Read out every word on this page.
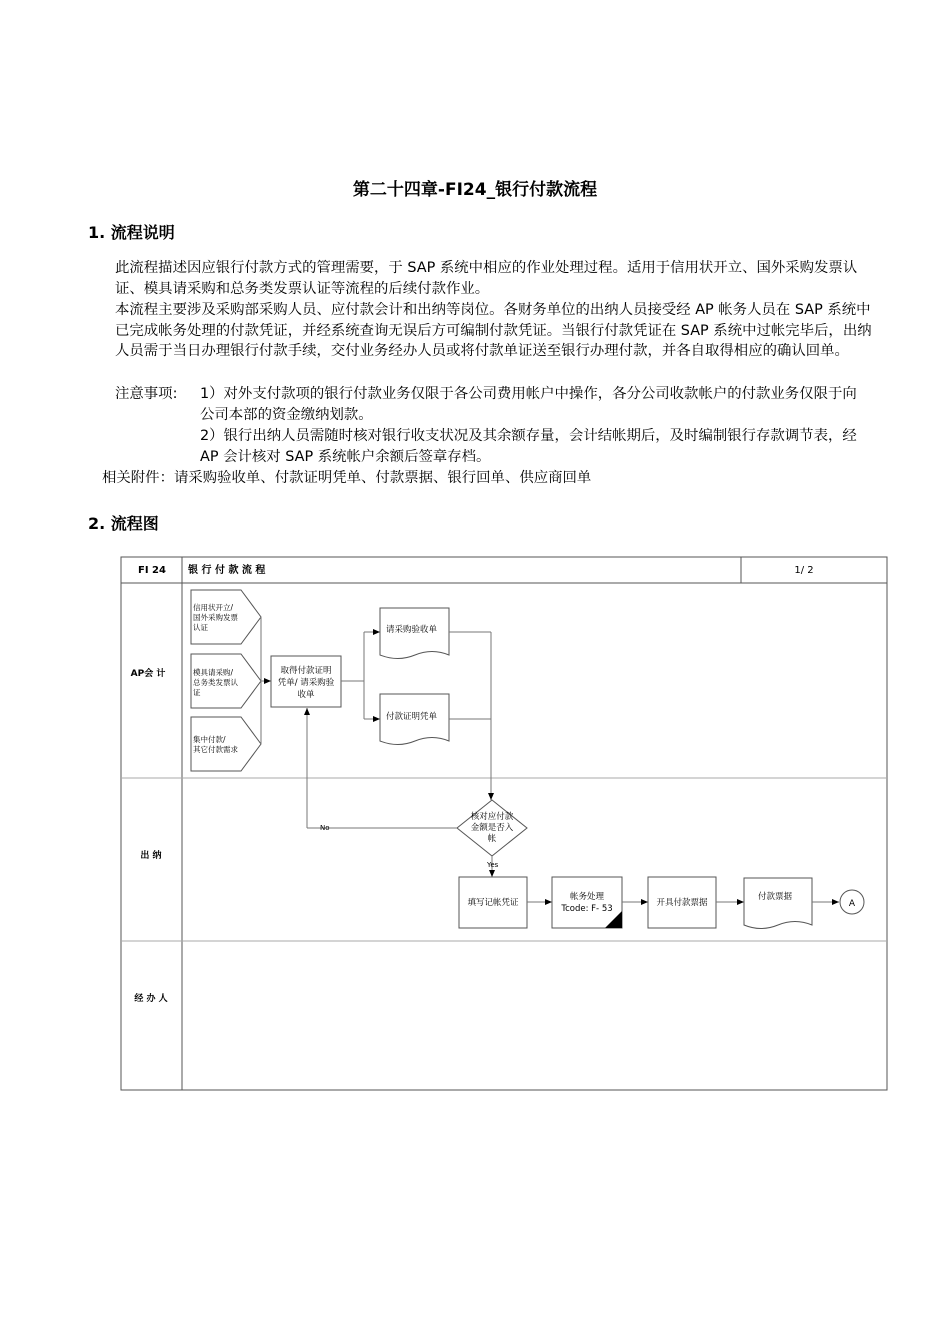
第二十四章-FI24_银行付款流程
1. 流程说明
此流程描述因应银行付款方式的管理需要，于 SAP 系统中相应的作业处理过程。适用于信用状开立、国外采购发票认证、模具请采购和总务类发票认证等流程的后续付款作业。
本流程主要涉及采购部采购人员、应付款会计和出纳等岗位。各财务单位的出纳人员接受经 AP 帐务人员在 SAP 系统中已完成帐务处理的付款凭证，并经系统查询无误后方可编制付款凭证。当银行付款凭证在 SAP 系统中过帐完毕后，出纳人员需于当日办理银行付款手续，交付业务经办人员或将付款单证送至银行办理付款，并各自取得相应的确认回单。
注意事项: 1）对外支付款项的银行付款业务仅限于各公司费用帐户中操作，各分公司收款帐户的付款业务仅限于向公司本部的资金缴纳划款。
2）银行出纳人员需随时核对银行收支状况及其余额存量，会计结帐期后，及时编制银行存款调节表，经 AP 会计核对 SAP 系统帐户余额后签章存档。
相关附件：请采购验收单、付款证明凭单、付款票据、银行回单、供应商回单
2. 流程图
FI 24 银 行 付 款 流 程	1/ 2
AP会 计
出 纳
经 办 人
信用状开立/
国外采购发票
认证
模具请采购/
总务类发票认
证
集中付款/
其它付款需求
取得付款证明
凭单/ 请采购验
收单
请采购验收单
付款证明凭单
付款票据
核对应付款
金额是否入
帐
No
Yes
填写记帐凭证
帐务处理
Tcode: F- 53
开具付款票据	A
